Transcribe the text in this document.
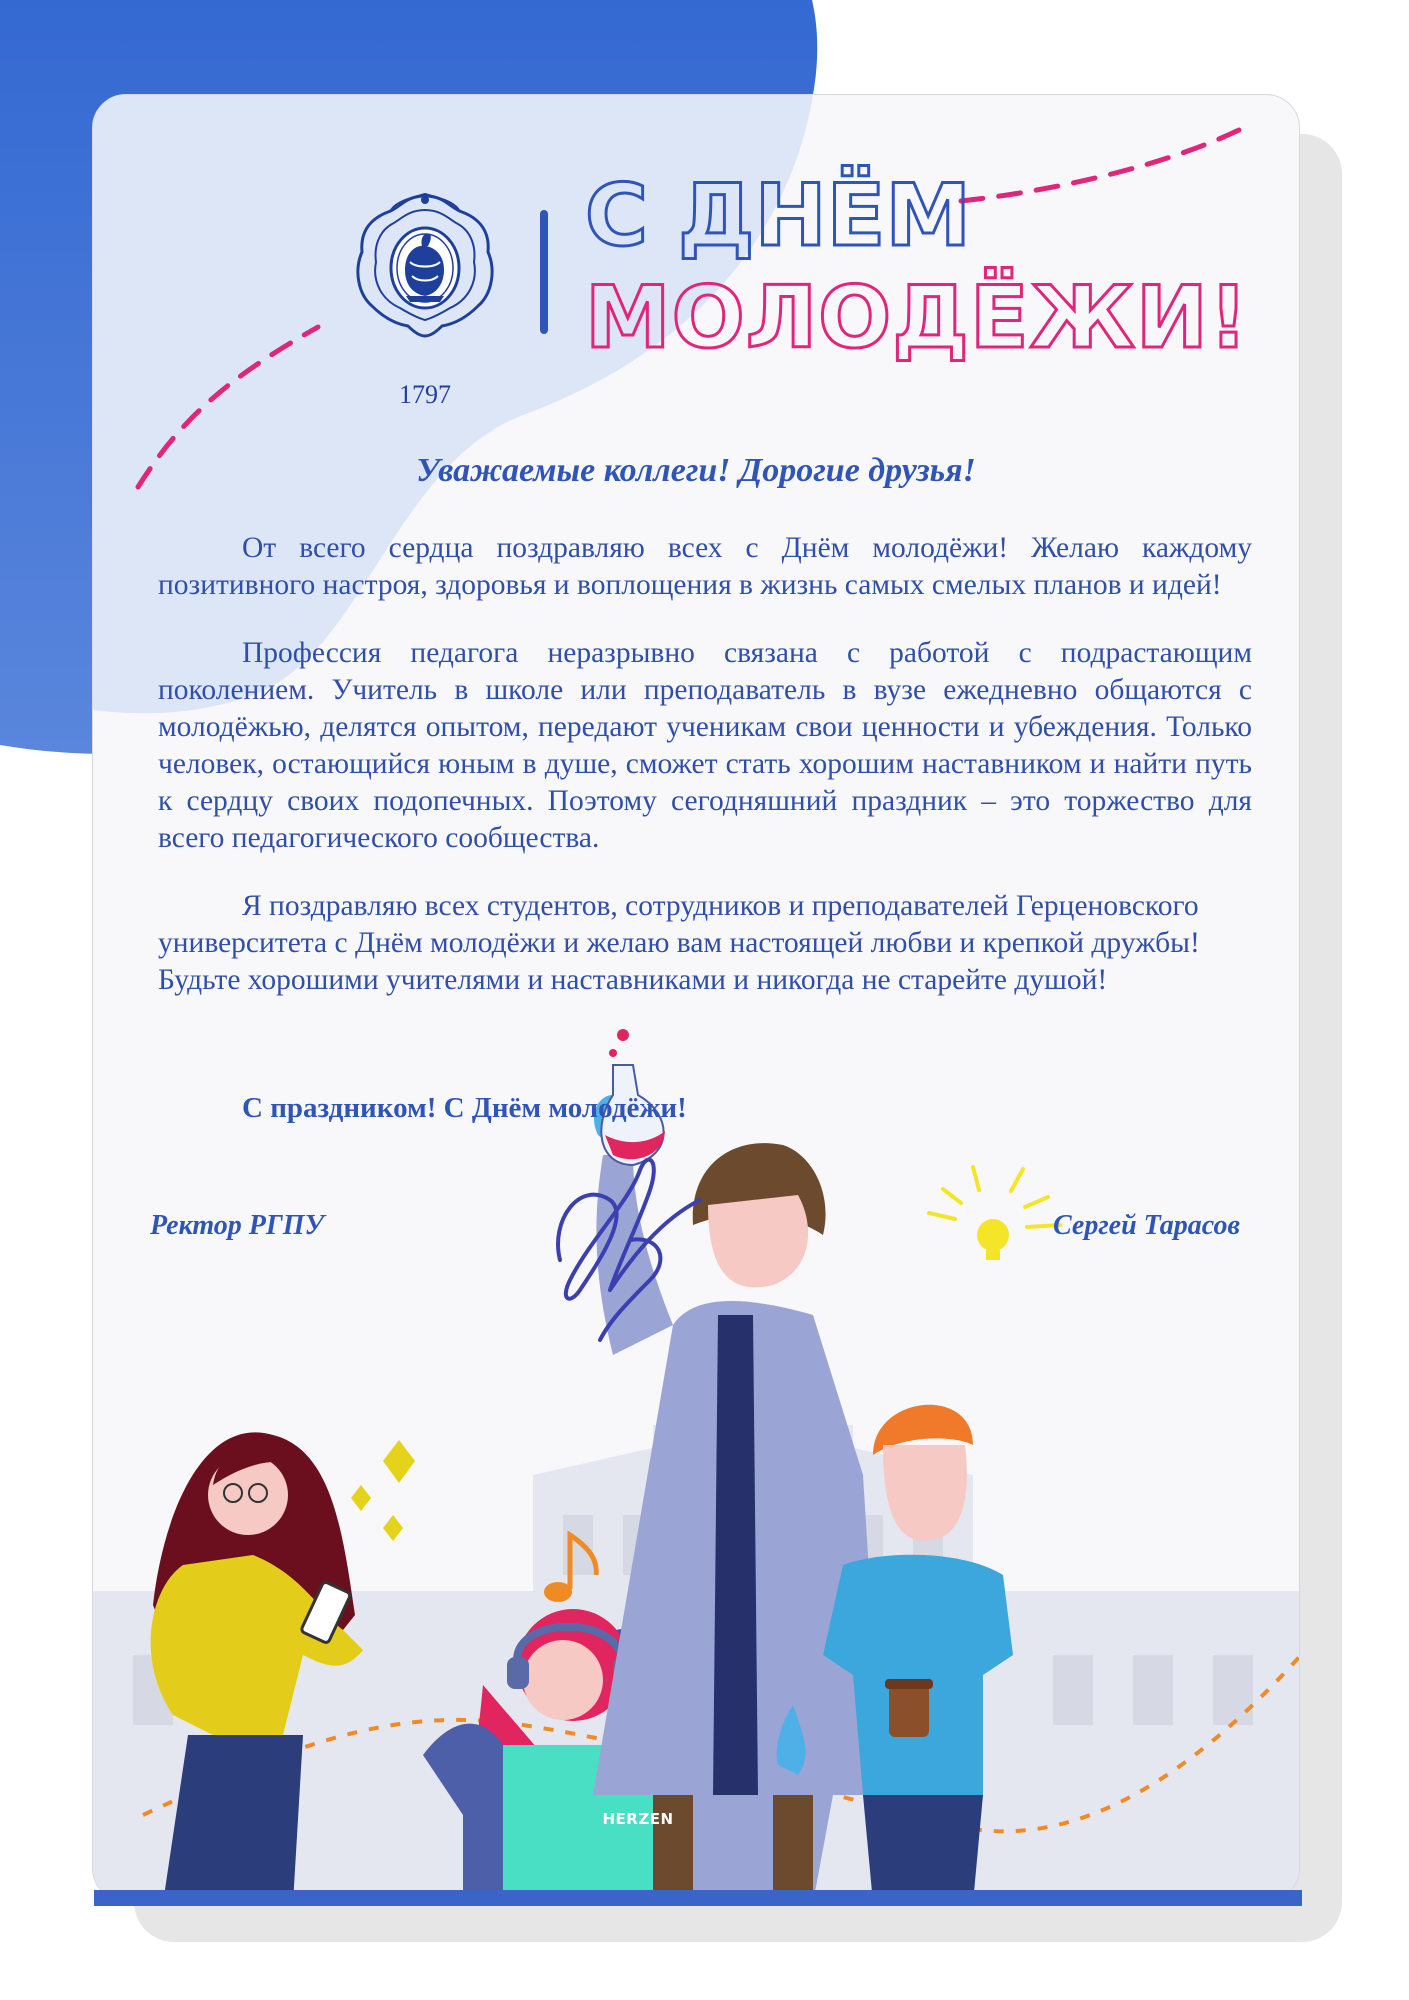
1797

С ДНЁМ
МОЛОДЁЖИ!

Уважаемые коллеги! Дорогие друзья!

От всего сердца поздравляю всех с Днём молодёжи! Желаю каждому позитивного настроя, здоровья и воплощения в жизнь самых смелых планов и идей!

Профессия педагога неразрывно связана с работой с подрастающим поколением. Учитель в школе или преподаватель в вузе ежедневно общаются с молодёжью, делятся опытом, передают ученикам свои ценности и убеждения. Только человек, остающийся юным в душе, сможет стать хорошим наставником и найти путь к сердцу своих подопечных. Поэтому сегодняшний праздник – это торжество для всего педагогического сообщества.

Я поздравляю всех студентов, сотрудников и преподавателей Герценовского университета с Днём молодёжи и желаю вам настоящей любви и крепкой дружбы! Будьте хорошими учителями и наставниками и никогда не старейте душой!

С праздником! С Днём молодёжи!

Ректор РГПУ	Сергей Тарасов

HERZEN
